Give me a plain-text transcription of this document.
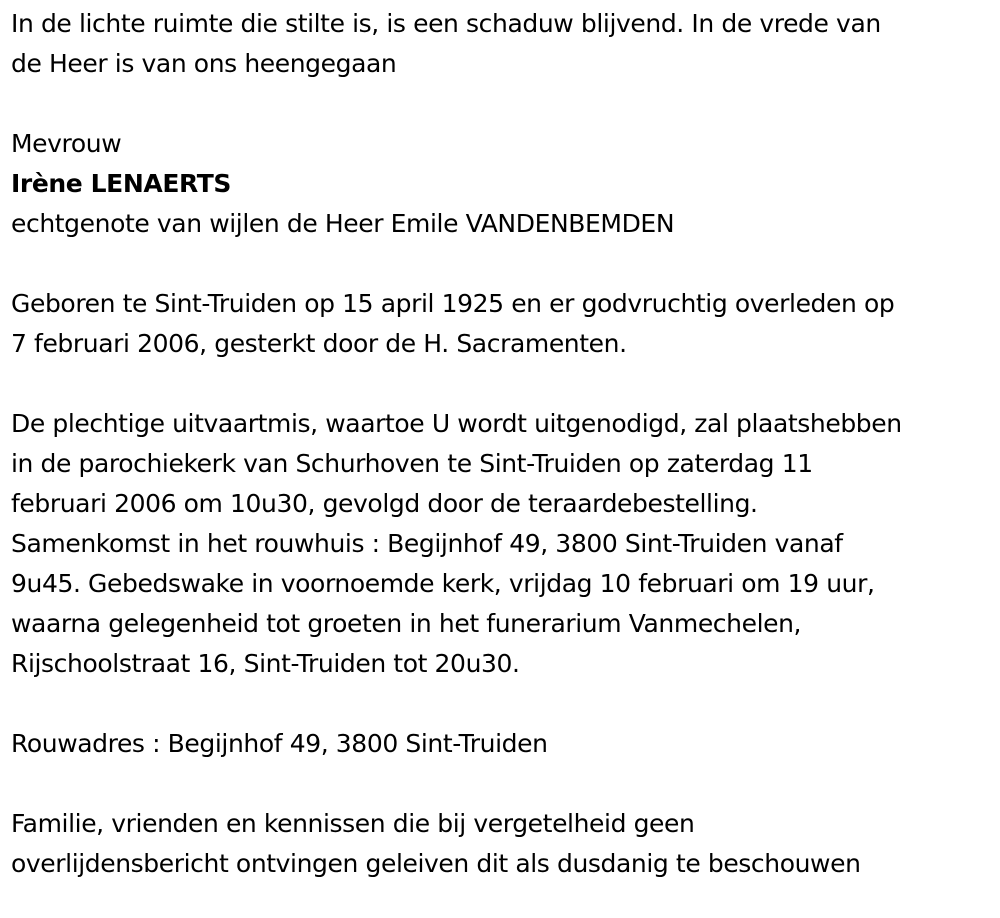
In de lichte ruimte die stilte is, is een schaduw blijvend. In de vrede van

de Heer is van ons heengegaan

Mevrouw

Irène LENAERTS

echtgenote van wijlen de Heer Emile VANDENBEMDEN

Geboren te Sint-Truiden op 15 april 1925 en er godvruchtig overleden op

7 februari 2006, gesterkt door de H. Sacramenten.

De plechtige uitvaartmis, waartoe U wordt uitgenodigd, zal plaatshebben

in de parochiekerk van Schurhoven te Sint-Truiden op zaterdag 11

februari 2006 om 10u30, gevolgd door de teraardebestelling.

Samenkomst in het rouwhuis : Begijnhof 49, 3800 Sint-Truiden vanaf

9u45. Gebedswake in voornoemde kerk, vrijdag 10 februari om 19 uur,

waarna gelegenheid tot groeten in het funerarium Vanmechelen,

Rijschoolstraat 16, Sint-Truiden tot 20u30.

Rouwadres : Begijnhof 49, 3800 Sint-Truiden

Familie, vrienden en kennissen die bij vergetelheid geen

overlijdensbericht ontvingen geleiven dit als dusdanig te beschouwen
